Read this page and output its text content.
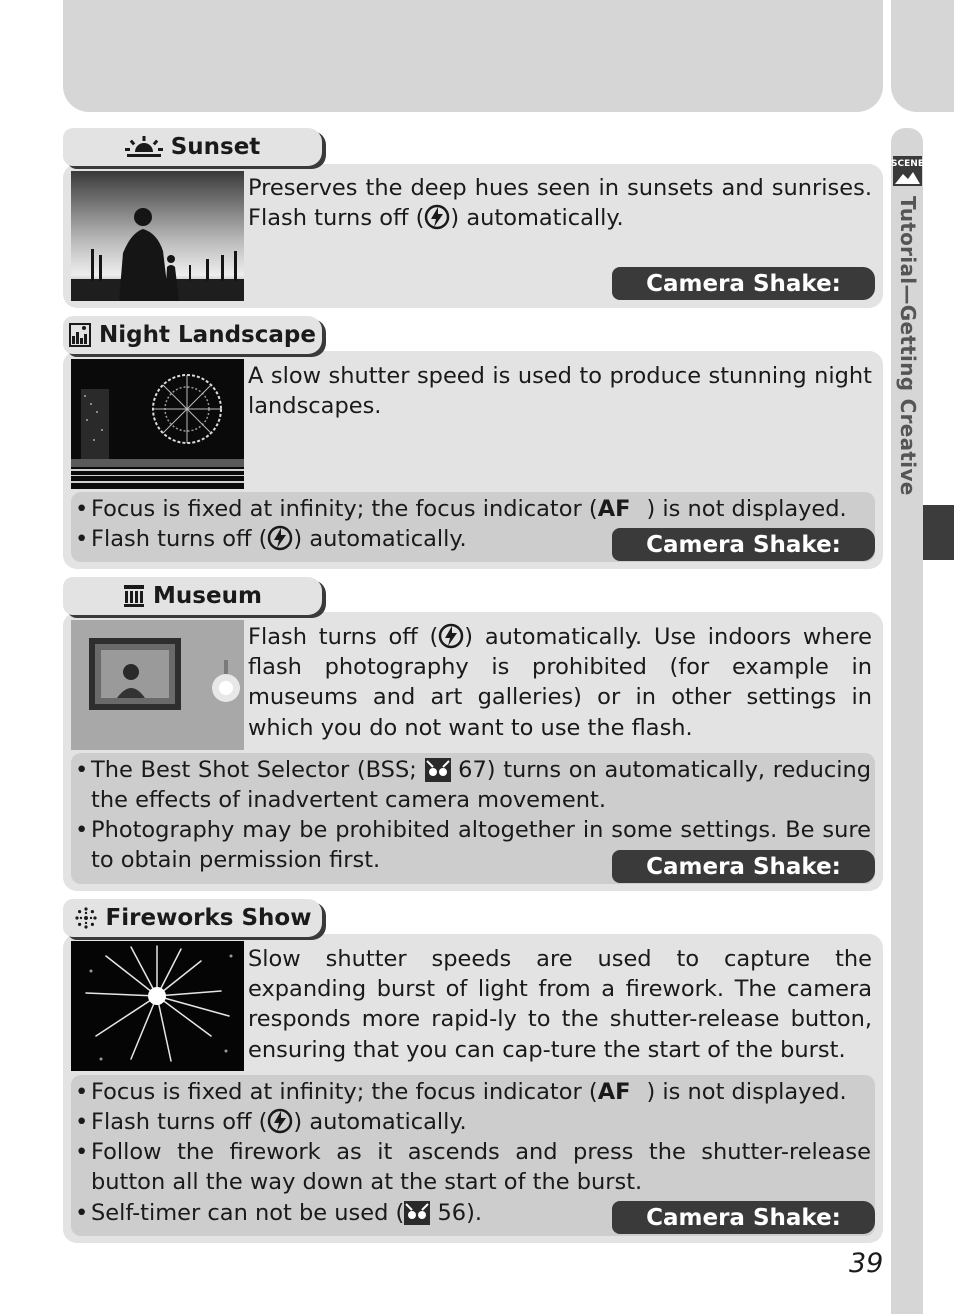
SCENE
Tutorial—Getting Creative
Sunset
Preserves the deep hues seen in sunsets and sunrises. Flash turns off ( ) automatically.
Camera Shake:
Night Landscape
A slow shutter speed is used to produce stunning night landscapes.
• Focus is fixed at infinity; the focus indicator (AF ) is not displayed.
• Flash turns off ( ) automatically.	Camera Shake:
Museum
Flash turns off ( ) automatically. Use indoors where flash photography is prohibited (for example in museums and art galleries) or in other settings in which you do not want to use the flash.
• The Best Shot Selector (BSS;  67) turns on automatically, reducing the effects of inadvertent camera movement.
• Photography may be prohibited altogether in some settings. Be sure to obtain permission first.	Camera Shake:
Fireworks Show
Slow shutter speeds are used to capture the expanding burst of light from a firework. The camera responds more rapid-ly to the shutter-release button, ensuring that you can cap-ture the start of the burst.
• Focus is fixed at infinity; the focus indicator (AF ) is not displayed.
• Flash turns off ( ) automatically.
• Follow the firework as it ascends and press the shutter-release button all the way down at the start of the burst.
• Self-timer can not be used ( 56).	Camera Shake:
39
